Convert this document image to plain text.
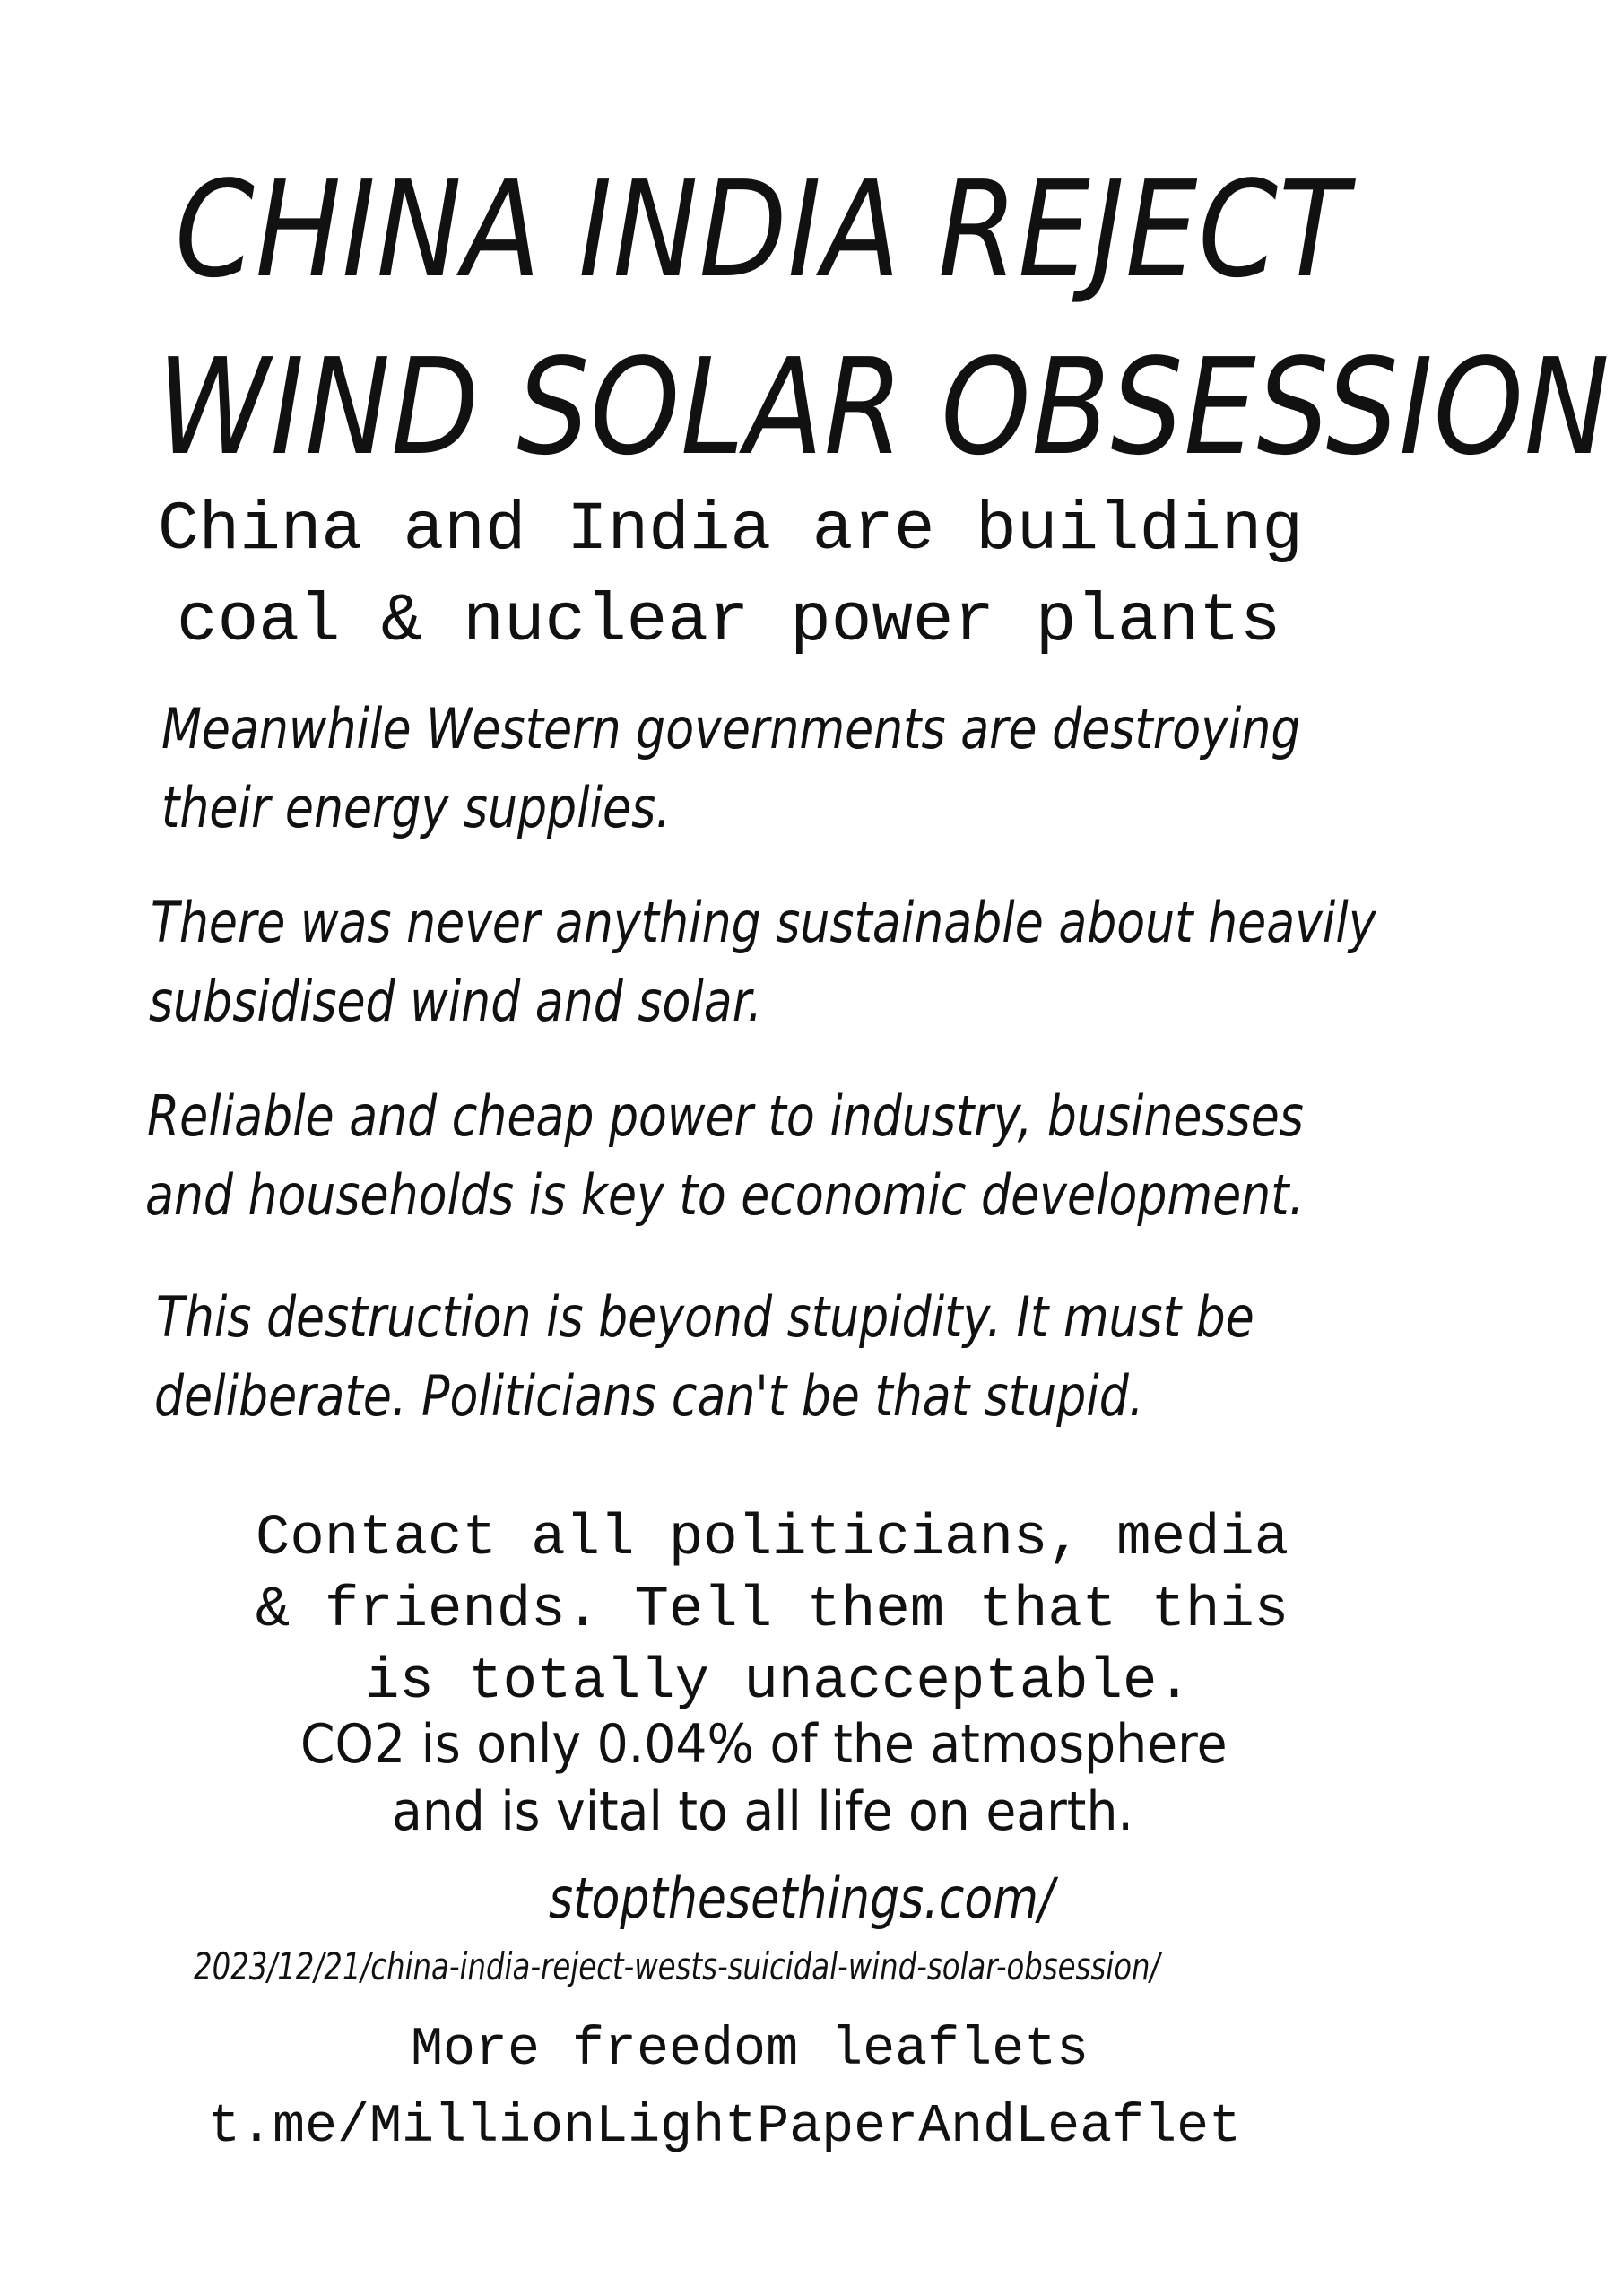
CHINA INDIA REJECT
WIND SOLAR OBSESSION
China and India are building
coal & nuclear power plants
Meanwhile Western governments are destroying
their energy supplies.
There was never anything sustainable about heavily
subsidised wind and solar.
Reliable and cheap power to industry, businesses
and households is key to economic development.
This destruction is beyond stupidity. It must be
deliberate. Politicians can't be that stupid.
Contact all politicians, media
& friends. Tell them that this
is totally unacceptable.
CO2 is only 0.04% of the atmosphere
and is vital to all life on earth.
stopthesethings.com/
2023/12/21/china-india-reject-wests-suicidal-wind-solar-obsession/
More freedom leaflets
t.me/MillionLightPaperAndLeaflet
